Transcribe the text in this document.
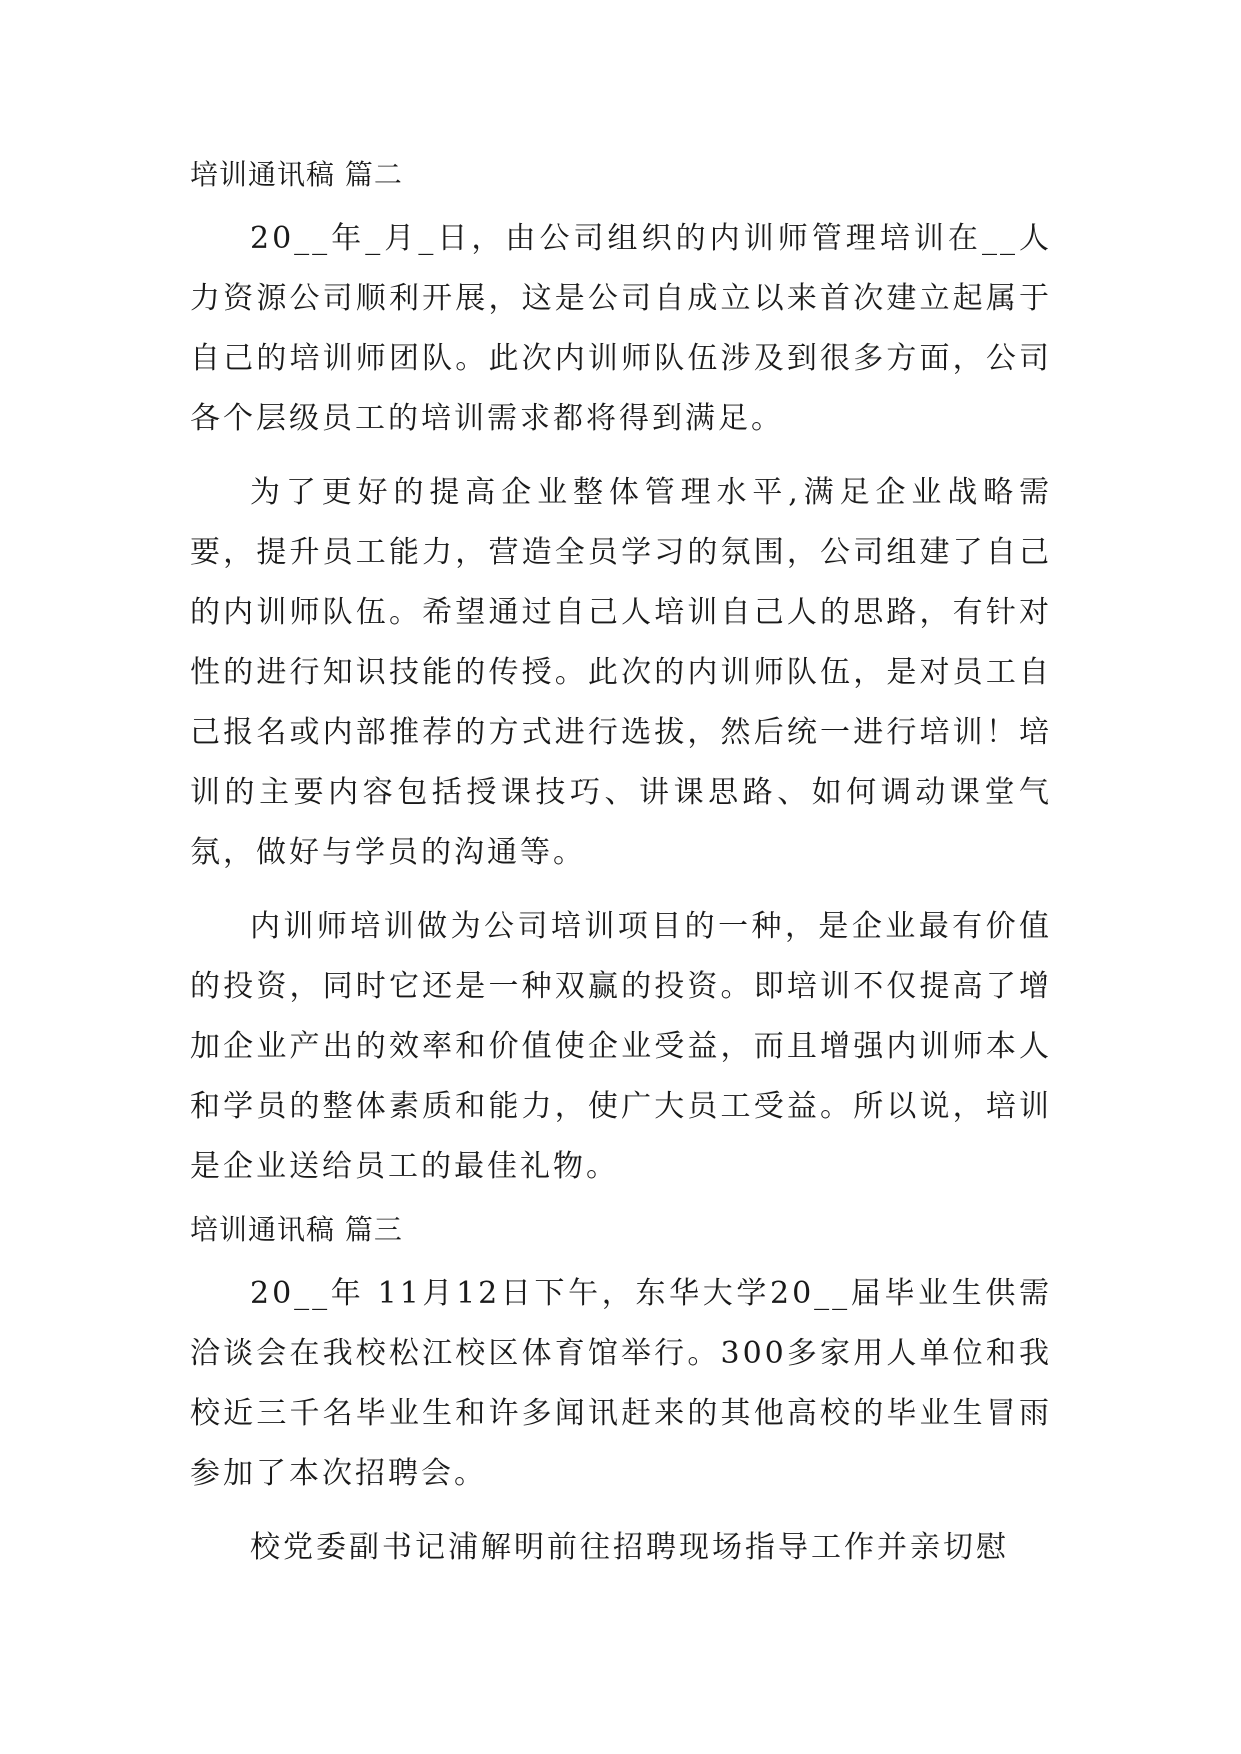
培训通讯稿 篇二

20__年_月_日，由公司组织的内训师管理培训在__人力资源公司顺利开展，这是公司自成立以来首次建立起属于自己的培训师团队。此次内训师队伍涉及到很多方面，公司各个层级员工的培训需求都将得到满足。

为了更好的提高企业整体管理水平,满足企业战略需要，提升员工能力，营造全员学习的氛围，公司组建了自己的内训师队伍。希望通过自己人培训自己人的思路，有针对性的进行知识技能的传授。此次的内训师队伍，是对员工自己报名或内部推荐的方式进行选拔，然后统一进行培训！培训的主要内容包括授课技巧、讲课思路、如何调动课堂气氛，做好与学员的沟通等。

内训师培训做为公司培训项目的一种，是企业最有价值的投资，同时它还是一种双赢的投资。即培训不仅提高了增加企业产出的效率和价值使企业受益，而且增强内训师本人和学员的整体素质和能力，使广大员工受益。所以说，培训是企业送给员工的最佳礼物。

培训通讯稿 篇三

20__年 11月12日下午，东华大学20__届毕业生供需洽谈会在我校松江校区体育馆举行。300多家用人单位和我校近三千名毕业生和许多闻讯赶来的其他高校的毕业生冒雨参加了本次招聘会。

校党委副书记浦解明前往招聘现场指导工作并亲切慰
